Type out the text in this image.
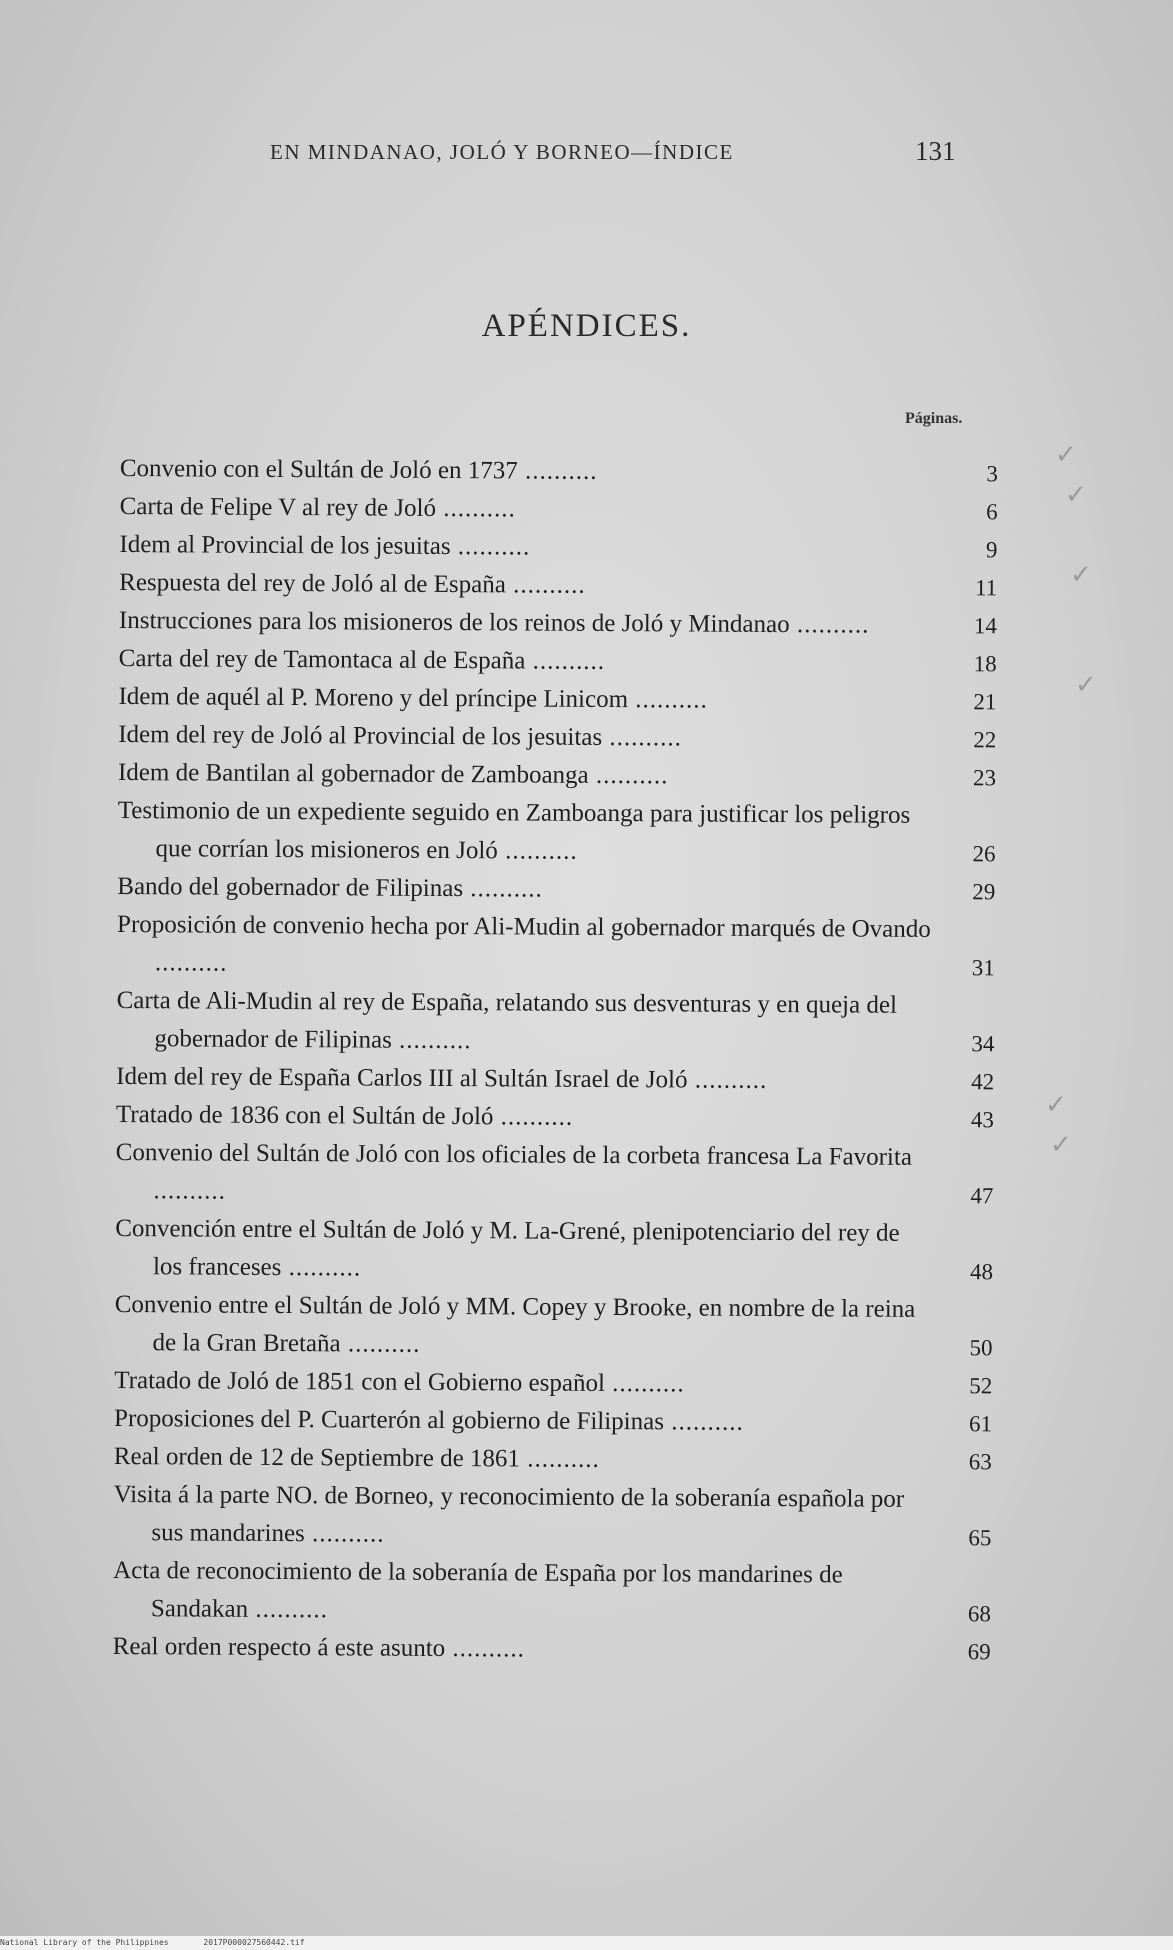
EN MINDANAO, JOLÓ Y BORNEO—ÍNDICE	131
APÉNDICES.
Páginas.
Convenio con el Sultán de Joló en 1737 ..........	3
Carta de Felipe V al rey de Joló ..........	6
Idem al Provincial de los jesuitas ..........	9
Respuesta del rey de Joló al de España ..........	11
Instrucciones para los misioneros de los reinos de Joló y Mindanao ..........	14
Carta del rey de Tamontaca al de España ..........	18
Idem de aquél al P. Moreno y del príncipe Linicom ..........	21
Idem del rey de Joló al Provincial de los jesuitas ..........	22
Idem de Bantilan al gobernador de Zamboanga ..........	23
Testimonio de un expediente seguido en Zamboanga para justificar los peligros que corrían los misioneros en Joló ..........	26
Bando del gobernador de Filipinas ..........	29
Proposición de convenio hecha por Ali-Mudin al gobernador marqués de Ovando ..........	31
Carta de Ali-Mudin al rey de España, relatando sus desventuras y en queja del gobernador de Filipinas ..........	34
Idem del rey de España Carlos III al Sultán Israel de Joló ..........	42
Tratado de 1836 con el Sultán de Joló ..........	43
Convenio del Sultán de Joló con los oficiales de la corbeta francesa La Favorita ..........	47
Convención entre el Sultán de Joló y M. La-Grené, plenipotenciario del rey de los franceses ..........	48
Convenio entre el Sultán de Joló y MM. Copey y Brooke, en nombre de la reina de la Gran Bretaña ..........	50
Tratado de Joló de 1851 con el Gobierno español ..........	52
Proposiciones del P. Cuarterón al gobierno de Filipinas ..........	61
Real orden de 12 de Septiembre de 1861 ..........	63
Visita á la parte NO. de Borneo, y reconocimiento de la soberanía española por sus mandarines ..........	65
Acta de reconocimiento de la soberanía de España por los mandarines de Sandakan ..........	68
Real orden respecto á este asunto ..........	69
✓
✓
✓
✓
✓
✓
National Library of the Philippines	2017P000027560442.tif
